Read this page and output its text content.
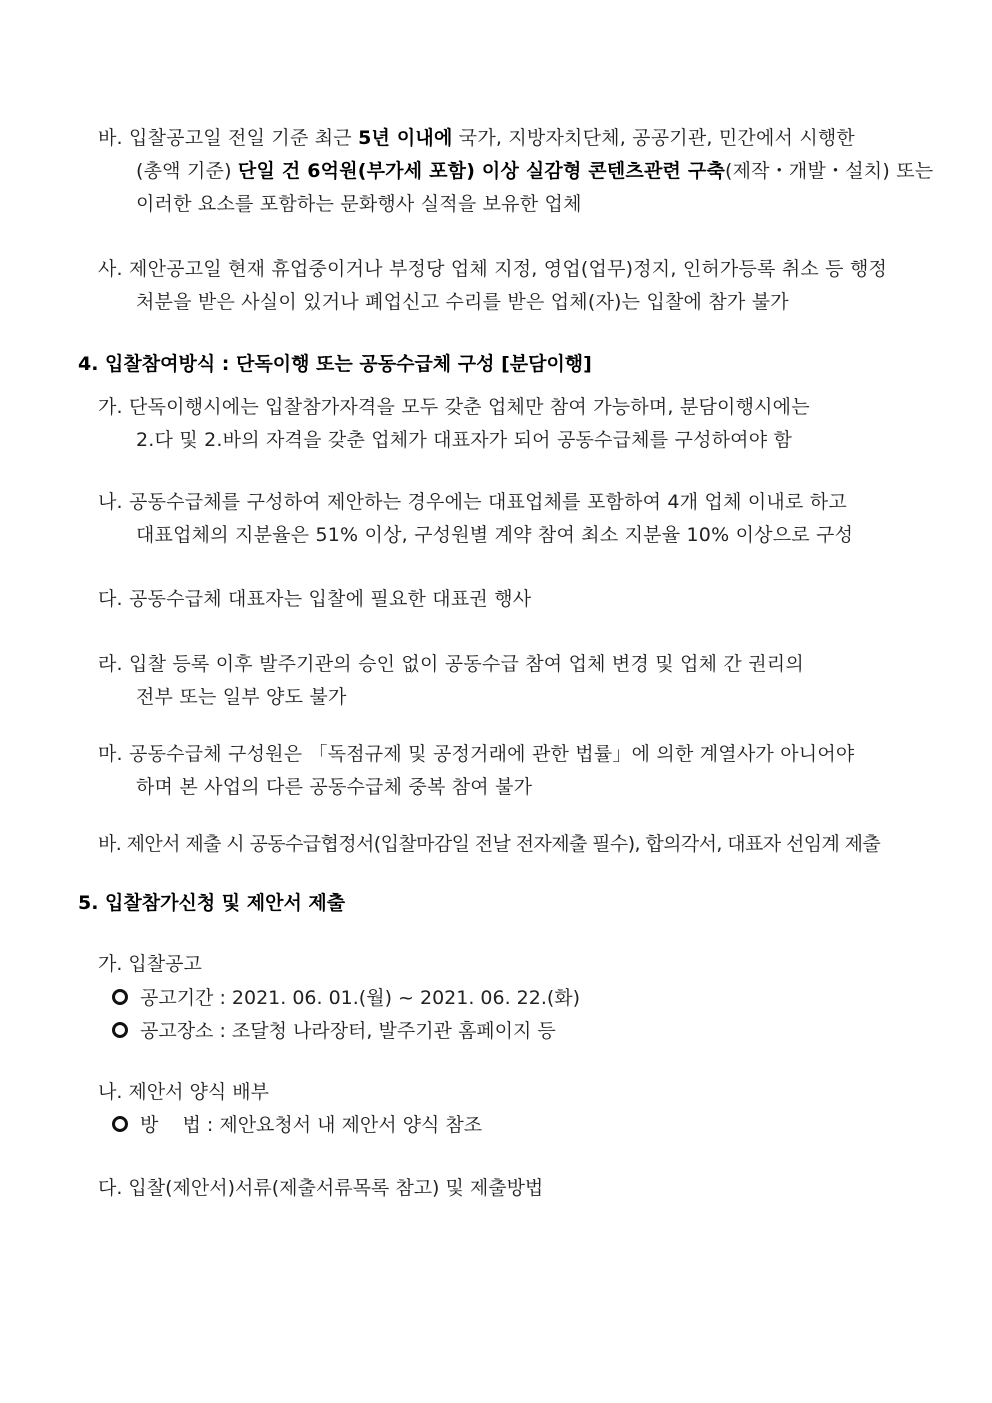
바. 입찰공고일 전일 기준 최근 5년 이내에 국가, 지방자치단체, 공공기관, 민간에서 시행한
(총액 기준) 단일 건 6억원(부가세 포함) 이상 실감형 콘텐츠관련 구축(제작・개발・설치) 또는
이러한 요소를 포함하는 문화행사 실적을 보유한 업체
사. 제안공고일 현재 휴업중이거나 부정당 업체 지정, 영업(업무)정지, 인허가등록 취소 등 행정
처분을 받은 사실이 있거나 폐업신고 수리를 받은 업체(자)는 입찰에 참가 불가
4. 입찰참여방식 : 단독이행 또는 공동수급체 구성 [분담이행]
가. 단독이행시에는 입찰참가자격을 모두 갖춘 업체만 참여 가능하며, 분담이행시에는
2.다 및 2.바의 자격을 갖춘 업체가 대표자가 되어 공동수급체를 구성하여야 함
나. 공동수급체를 구성하여 제안하는 경우에는 대표업체를 포함하여 4개 업체 이내로 하고
대표업체의 지분율은 51% 이상, 구성원별 계약 참여 최소 지분율 10% 이상으로 구성
다. 공동수급체 대표자는 입찰에 필요한 대표권 행사
라. 입찰 등록 이후 발주기관의 승인 없이 공동수급 참여 업체 변경 및 업체 간 권리의
전부 또는 일부 양도 불가
마. 공동수급체 구성원은 「독점규제 및 공정거래에 관한 법률」에 의한 계열사가 아니어야
하며 본 사업의 다른 공동수급체 중복 참여 불가
바. 제안서 제출 시 공동수급협정서(입찰마감일 전날 전자제출 필수), 합의각서, 대표자 선임계 제출
5. 입찰참가신청 및 제안서 제출
가. 입찰공고
공고기간 : 2021. 06. 01.(월) ~ 2021. 06. 22.(화)
공고장소 : 조달청 나라장터, 발주기관 홈페이지 등
나. 제안서 양식 배부
방    법 : 제안요청서 내 제안서 양식 참조
다. 입찰(제안서)서류(제출서류목록 참고) 및 제출방법
